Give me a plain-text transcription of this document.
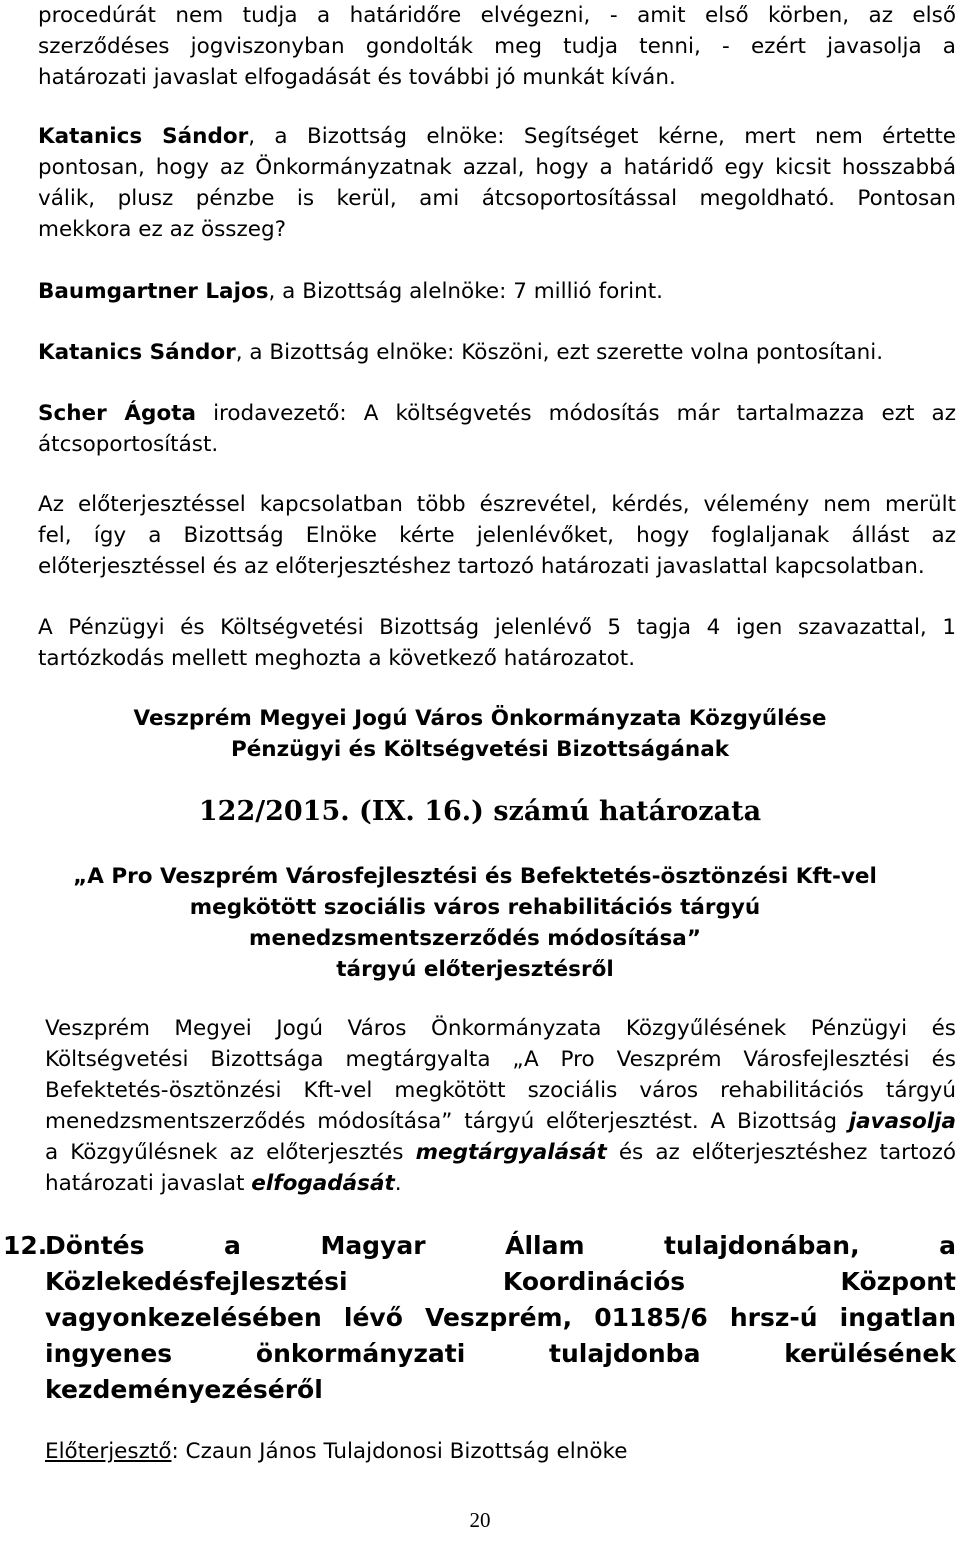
procedúrát nem tudja a határidőre elvégezni, - amit első körben, az első
szerződéses jogviszonyban gondolták meg tudja tenni, - ezért javasolja a
határozati javaslat elfogadását és további jó munkát kíván.

Katanics Sándor, a Bizottság elnöke: Segítséget kérne, mert nem értette
pontosan, hogy az Önkormányzatnak azzal, hogy a határidő egy kicsit hosszabbá
válik, plusz pénzbe is kerül, ami átcsoportosítással megoldható. Pontosan
mekkora ez az összeg?

Baumgartner Lajos, a Bizottság alelnöke: 7 millió forint.

Katanics Sándor, a Bizottság elnöke: Köszöni, ezt szerette volna pontosítani.

Scher Ágota irodavezető: A költségvetés módosítás már tartalmazza ezt az
átcsoportosítást.

Az előterjesztéssel kapcsolatban több észrevétel, kérdés, vélemény nem merült
fel, így a Bizottság Elnöke kérte jelenlévőket, hogy foglaljanak állást az
előterjesztéssel és az előterjesztéshez tartozó határozati javaslattal kapcsolatban.

A Pénzügyi és Költségvetési Bizottság jelenlévő 5 tagja 4 igen szavazattal, 1
tartózkodás mellett meghozta a következő határozatot.

Veszprém Megyei Jogú Város Önkormányzata Közgyűlése
Pénzügyi és Költségvetési Bizottságának
122/2015. (IX. 16.) számú határozata
„A Pro Veszprém Városfejlesztési és Befektetés-ösztönzési Kft-vel
megkötött szociális város rehabilitációs tárgyú
menedzsmentszerződés módosítása”
tárgyú előterjesztésről

Veszprém Megyei Jogú Város Önkormányzata Közgyűlésének Pénzügyi és
Költségvetési Bizottsága megtárgyalta „A Pro Veszprém Városfejlesztési és
Befektetés-ösztönzési Kft-vel megkötött szociális város rehabilitációs tárgyú
menedzsmentszerződés módosítása” tárgyú előterjesztést. A Bizottság javasolja
a Közgyűlésnek az előterjesztés megtárgyalását és az előterjesztéshez tartozó
határozati javaslat elfogadását.

12.
Döntés a Magyar Állam tulajdonában, a
Közlekedésfejlesztési Koordinációs Központ
vagyonkezelésében lévő Veszprém, 01185/6 hrsz-ú ingatlan
ingyenes önkormányzati tulajdonba kerülésének
kezdeményezéséről

Előterjesztő: Czaun János Tulajdonosi Bizottság elnöke

20
